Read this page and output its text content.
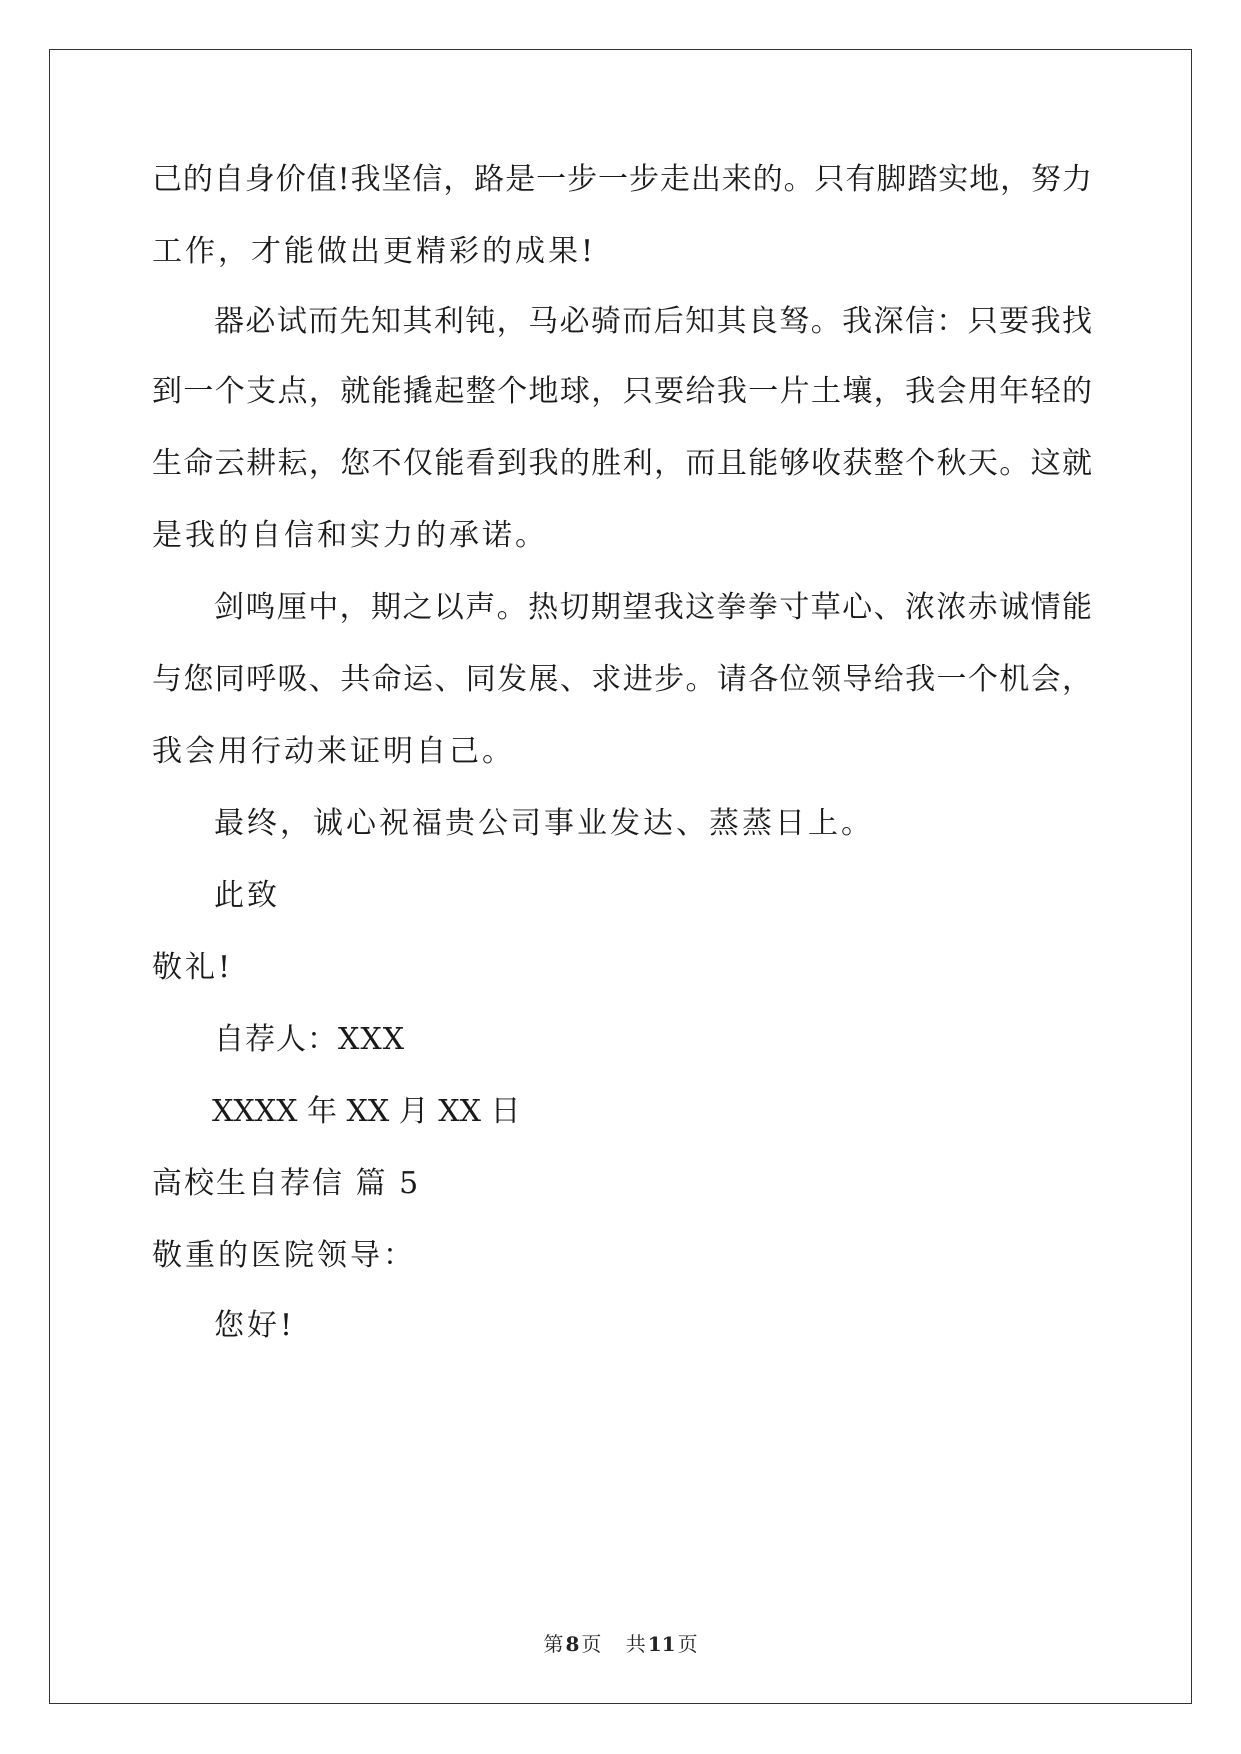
己的自身价值!我坚信，路是一步一步走出来的。只有脚踏实地，努力
工作，才能做出更精彩的成果!
器必试而先知其利钝，马必骑而后知其良驽。我深信：只要我找
到一个支点，就能撬起整个地球，只要给我一片土壤，我会用年轻的
生命云耕耘，您不仅能看到我的胜利，而且能够收获整个秋天。这就
是我的自信和实力的承诺。
剑鸣厘中，期之以声。热切期望我这拳拳寸草心、浓浓赤诚情能
与您同呼吸、共命运、同发展、求进步。请各位领导给我一个机会，
我会用行动来证明自己。
最终，诚心祝福贵公司事业发达、蒸蒸日上。
此致
敬礼!
自荐人：XXX
XXXX 年 XX 月 XX 日
高校生自荐信 篇 5
敬重的医院领导：
您好!
第 8 页 共 11 页
